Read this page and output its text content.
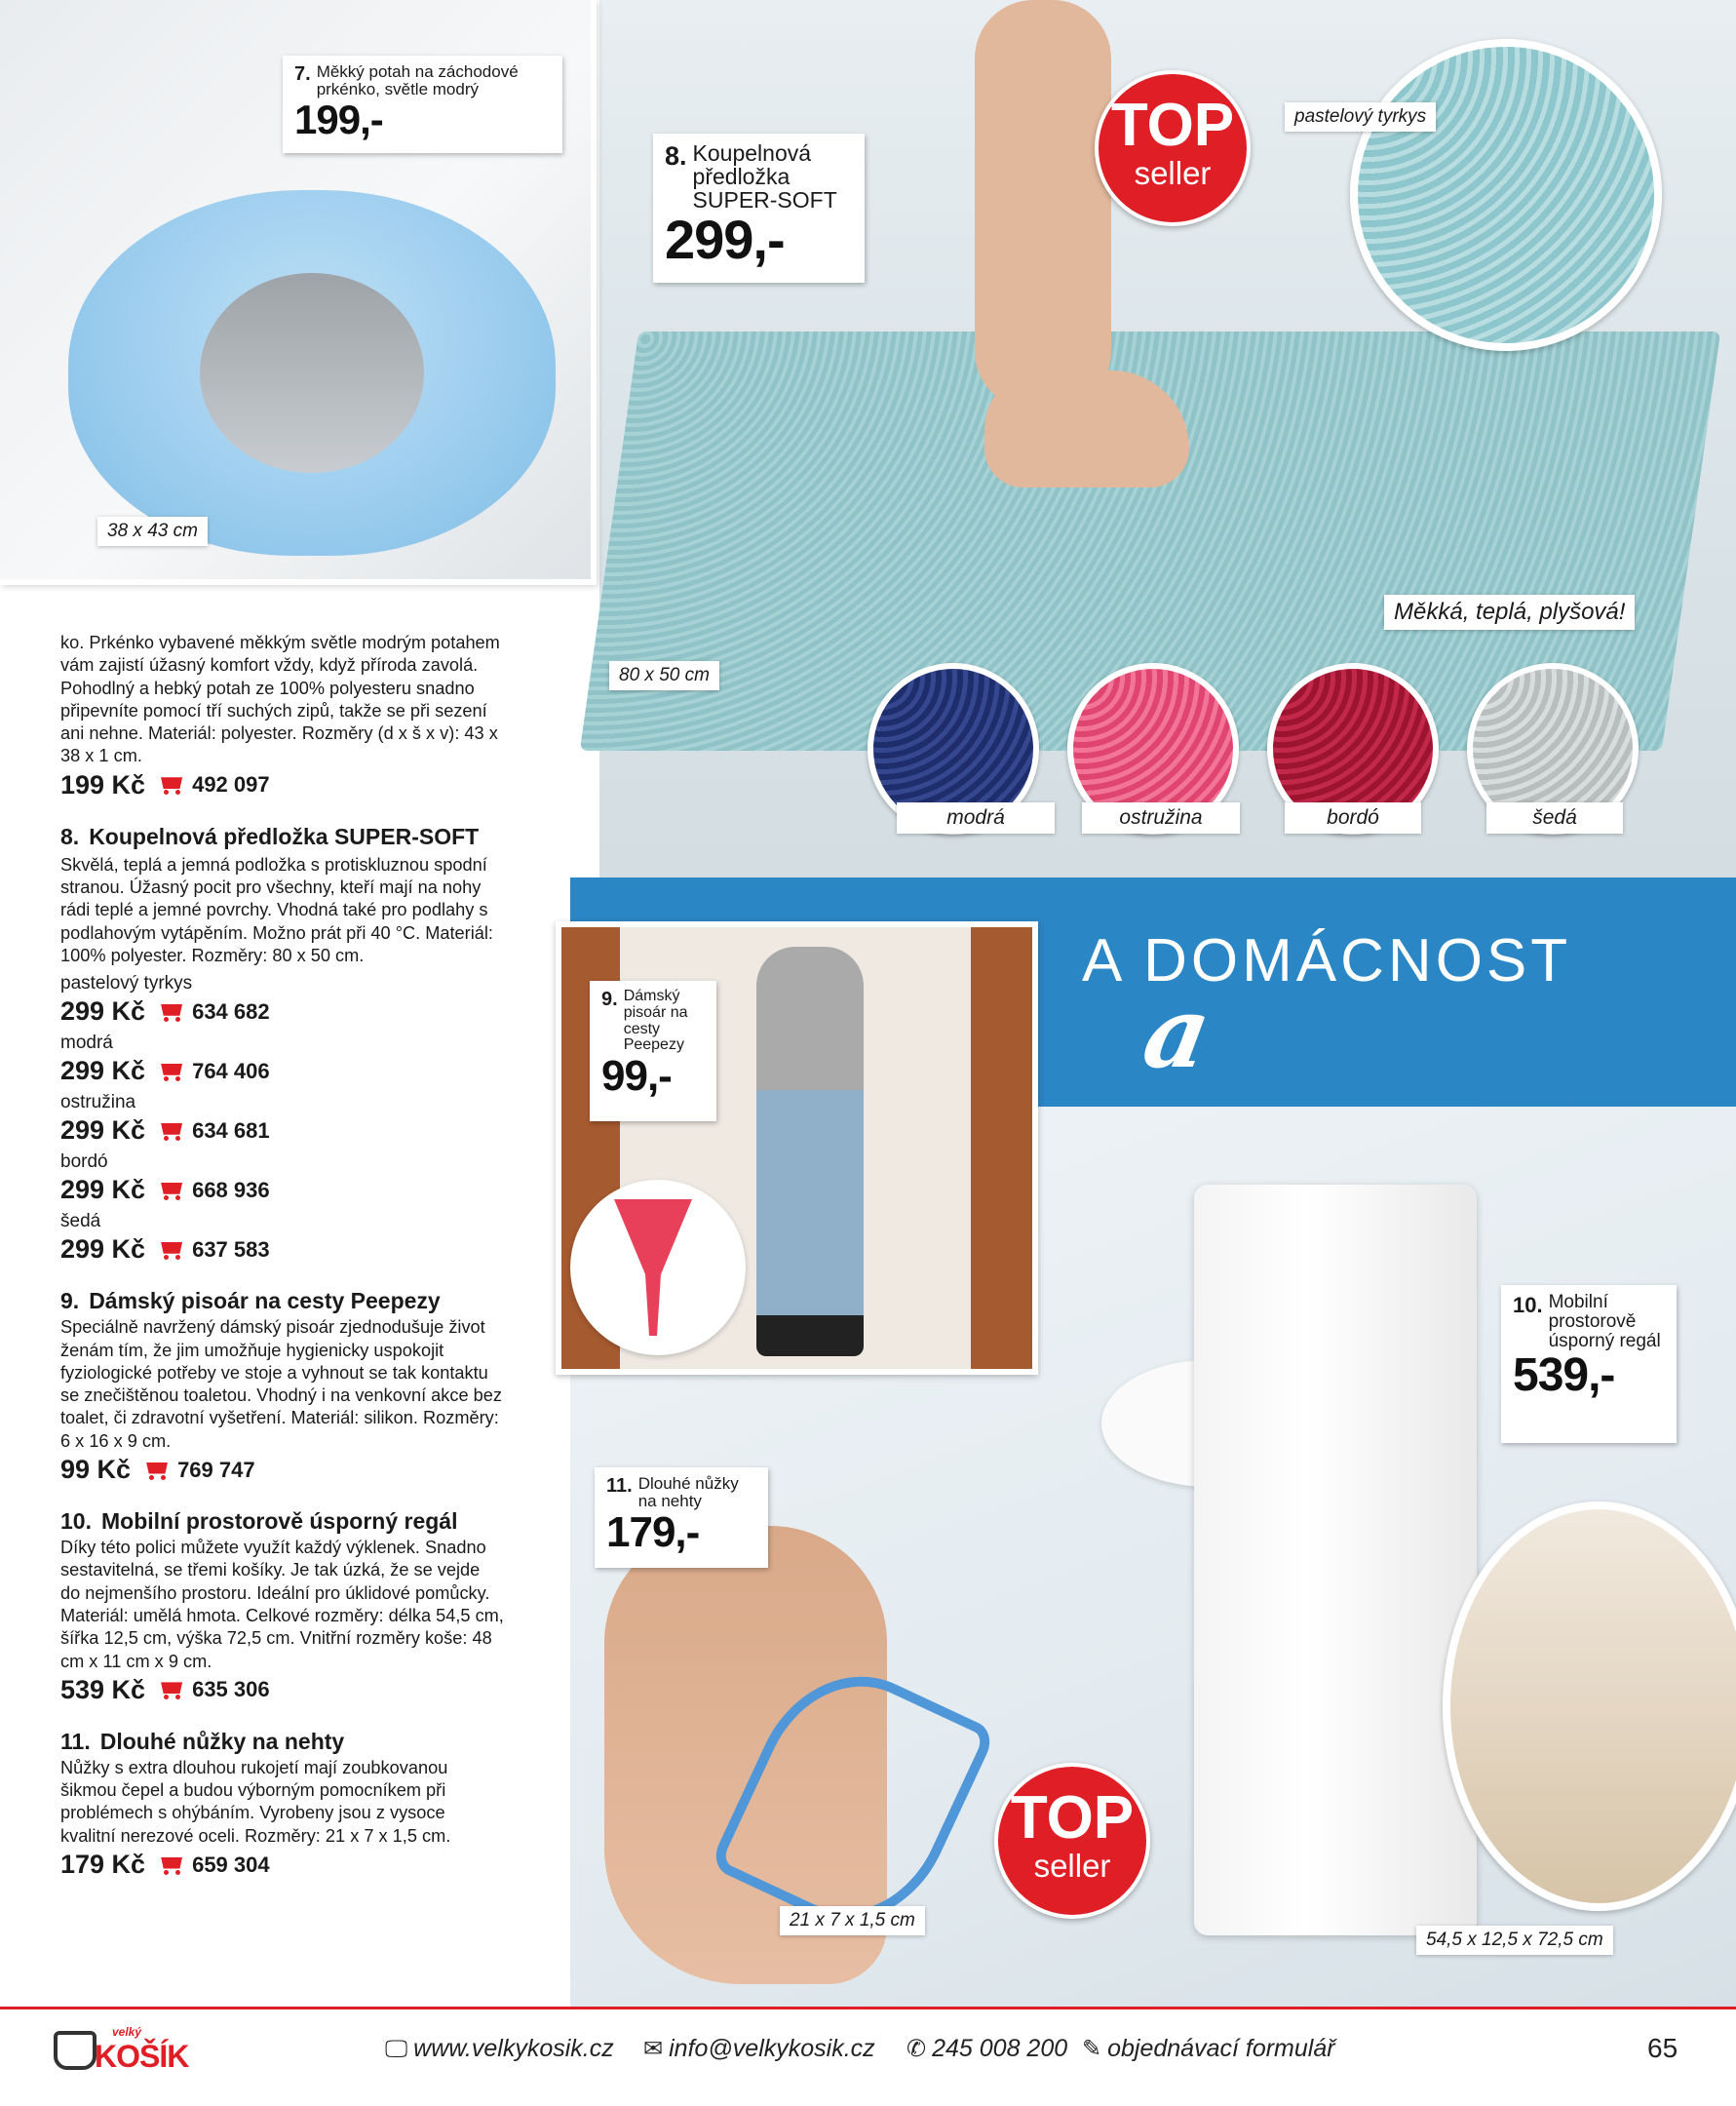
A DOMÁCNOST
a
TOP
seller
TOP
seller
7. Měkký potah na záchodové prkénko, světle modrý
199,-
8. Koupelnová předložka SUPER-SOFT
299,-
9. Dámský pisoár na cesty Peepezy
99,-
10. Mobilní prostorově úsporný regál
539,-
11. Dlouhé nůžky na nehty
179,-
38 x 43 cm
pastelový tyrkys
Měkká, teplá, plyšová!
80 x 50 cm
modrá	ostružina	bordó	šedá
21 x 7 x 1,5 cm
54,5 x 12,5 x 72,5 cm
ko. Prkénko vybavené měkkým světle modrým potahem vám zajistí úžasný komfort vždy, když příroda zavolá. Pohodlný a hebký potah ze 100% polyesteru snadno připevníte pomocí tří suchých zipů, takže se při sezení ani nehne. Materiál: polyester. Rozměry (d x š x v): 43 x 38 x 1 cm.
199 Kč 492 097
8. Koupelnová předložka SUPER-SOFT
Skvělá, teplá a jemná podložka s protiskluznou spodní stranou. Úžasný pocit pro všechny, kteří mají na nohy rádi teplé a jemné povrchy. Vhodná také pro podlahy s podlahovým vytápěním. Možno prát při 40 °C. Materiál: 100% polyester. Rozměry: 80 x 50 cm.
pastelový tyrkys
299 Kč 634 682
modrá
299 Kč 764 406
ostružina
299 Kč 634 681
bordó
299 Kč 668 936
šedá
299 Kč 637 583
9. Dámský pisoár na cesty Peepezy
Speciálně navržený dámský pisoár zjednodušuje život ženám tím, že jim umožňuje hygienicky uspokojit fyziologické potřeby ve stoje a vyhnout se tak kontaktu se znečištěnou toaletou. Vhodný i na venkovní akce bez toalet, či zdravotní vyšetření. Materiál: silikon. Rozměry: 6 x 16 x 9 cm.
99 Kč 769 747
10. Mobilní prostorově úsporný regál
Díky této polici můžete využít každý výklenek. Snadno sestavitelná, se třemi košíky. Je tak úzká, že se vejde do nejmenšího prostoru. Ideální pro úklidové pomůcky. Materiál: umělá hmota. Celkové rozměry: délka 54,5 cm, šířka 12,5 cm, výška 72,5 cm. Vnitřní rozměry koše: 48 cm x 11 cm x 9 cm.
539 Kč 635 306
11. Dlouhé nůžky na nehty
Nůžky s extra dlouhou rukojetí mají zoubkovanou šikmou čepel a budou výborným pomocníkem při problémech s ohýbáním. Vyrobeny jsou z vysoce kvalitní nerezové oceli. Rozměry: 21 x 7 x 1,5 cm.
179 Kč 659 304
velký
KOŠÍK	🖵 www.velkykosik.cz ✉ info@velkykosik.cz ✆ 245 008 200 ✎ objednávací formulář	65
